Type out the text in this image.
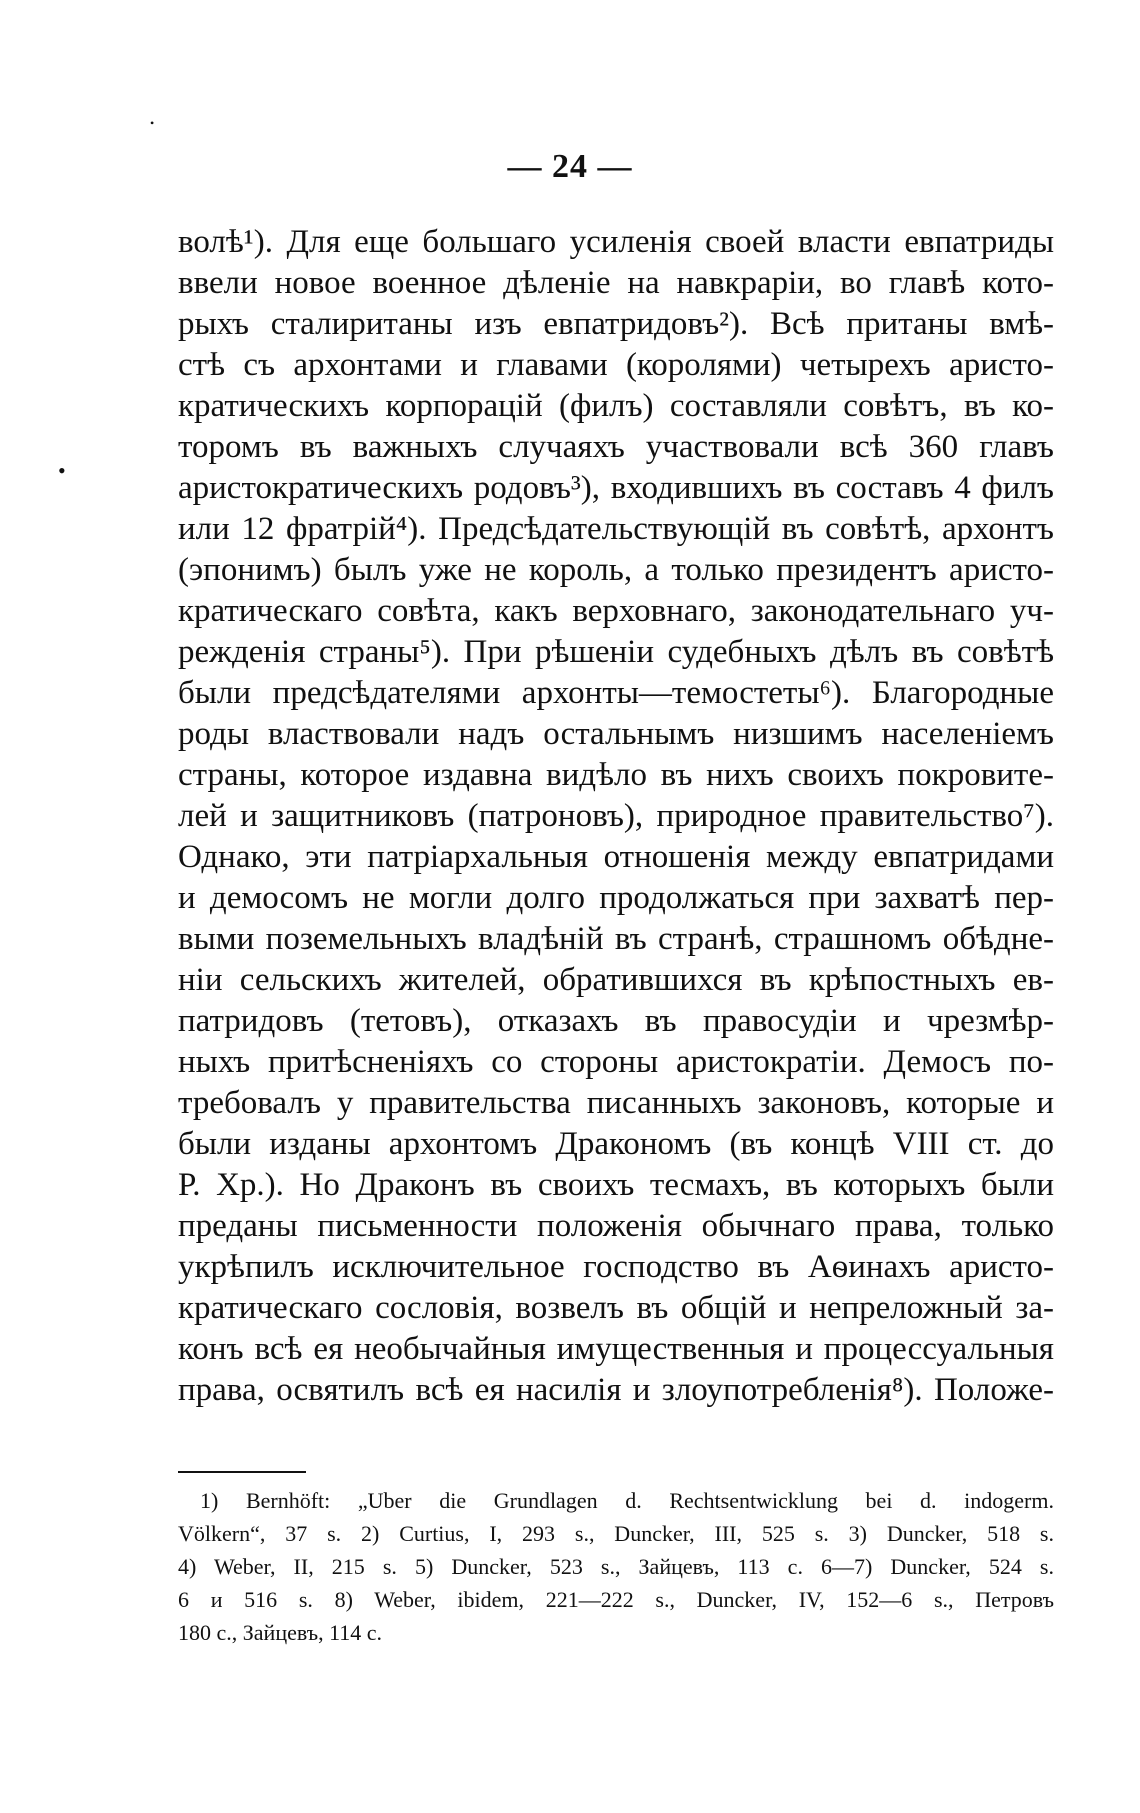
— 24 —
•
•
волѣ¹). Для еще большаго усиленія своей власти евпатриды
ввели новое военное дѣленіе на навкраріи, во главѣ кото-
рыхъ сталиританы изъ евпатридовъ²). Всѣ пританы вмѣ-
стѣ съ архонтами и главами (королями) четырехъ аристо-
кратическихъ корпорацій (филъ) составляли совѣтъ, въ ко-
торомъ въ важныхъ случаяхъ участвовали всѣ 360 главъ
аристократическихъ родовъ³), входившихъ въ составъ 4 филъ
или 12 фратрій⁴). Предсѣдательствующій въ совѣтѣ, архонтъ
(эпонимъ) былъ уже не король, а только президентъ аристо-
кратическаго совѣта, какъ верховнаго, законодательнаго уч-
режденія страны⁵). При рѣшеніи судебныхъ дѣлъ въ совѣтѣ
были предсѣдателями архонты—темостеты⁶). Благородные
роды властвовали надъ остальнымъ низшимъ населеніемъ
страны, которое издавна видѣло въ нихъ своихъ покровите-
лей и защитниковъ (патроновъ), природное правительство⁷).
Однако, эти патріархальныя отношенія между евпатридами
и демосомъ не могли долго продолжаться при захватѣ пер-
выми поземельныхъ владѣній въ странѣ, страшномъ обѣдне-
ніи сельскихъ жителей, обратившихся въ крѣпостныхъ ев-
патридовъ (тетовъ), отказахъ въ правосудіи и чрезмѣр-
ныхъ притѣсненіяхъ со стороны аристократіи. Демосъ по-
требовалъ у правительства писанныхъ законовъ, которые и
были изданы архонтомъ Дракономъ (въ концѣ VIII ст. до
Р. Хр.). Но Драконъ въ своихъ тесмахъ, въ которыхъ были
преданы письменности положенія обычнаго права, только
укрѣпилъ исключительное господство въ Аѳинахъ аристо-
кратическаго сословія, возвелъ въ общій и непреложный за-
конъ всѣ ея необычайныя имущественныя и процессуальныя
права, освятилъ всѣ ея насилія и злоупотребленія⁸). Положе-
1) Bernhöft: „Uber die Grundlagen d. Rechtsentwicklung bei d. indogerm.
Völkern“, 37 s. 2) Curtius, I, 293 s., Duncker, III, 525 s. 3) Duncker, 518 s.
4) Weber, II, 215 s. 5) Duncker, 523 s., Зайцевъ, 113 с. 6—7) Duncker, 524 s.
6 и 516 s. 8) Weber, ibidem, 221—222 s., Duncker, IV, 152—6 s., Петровъ
180 с., Зайцевъ, 114 с.
